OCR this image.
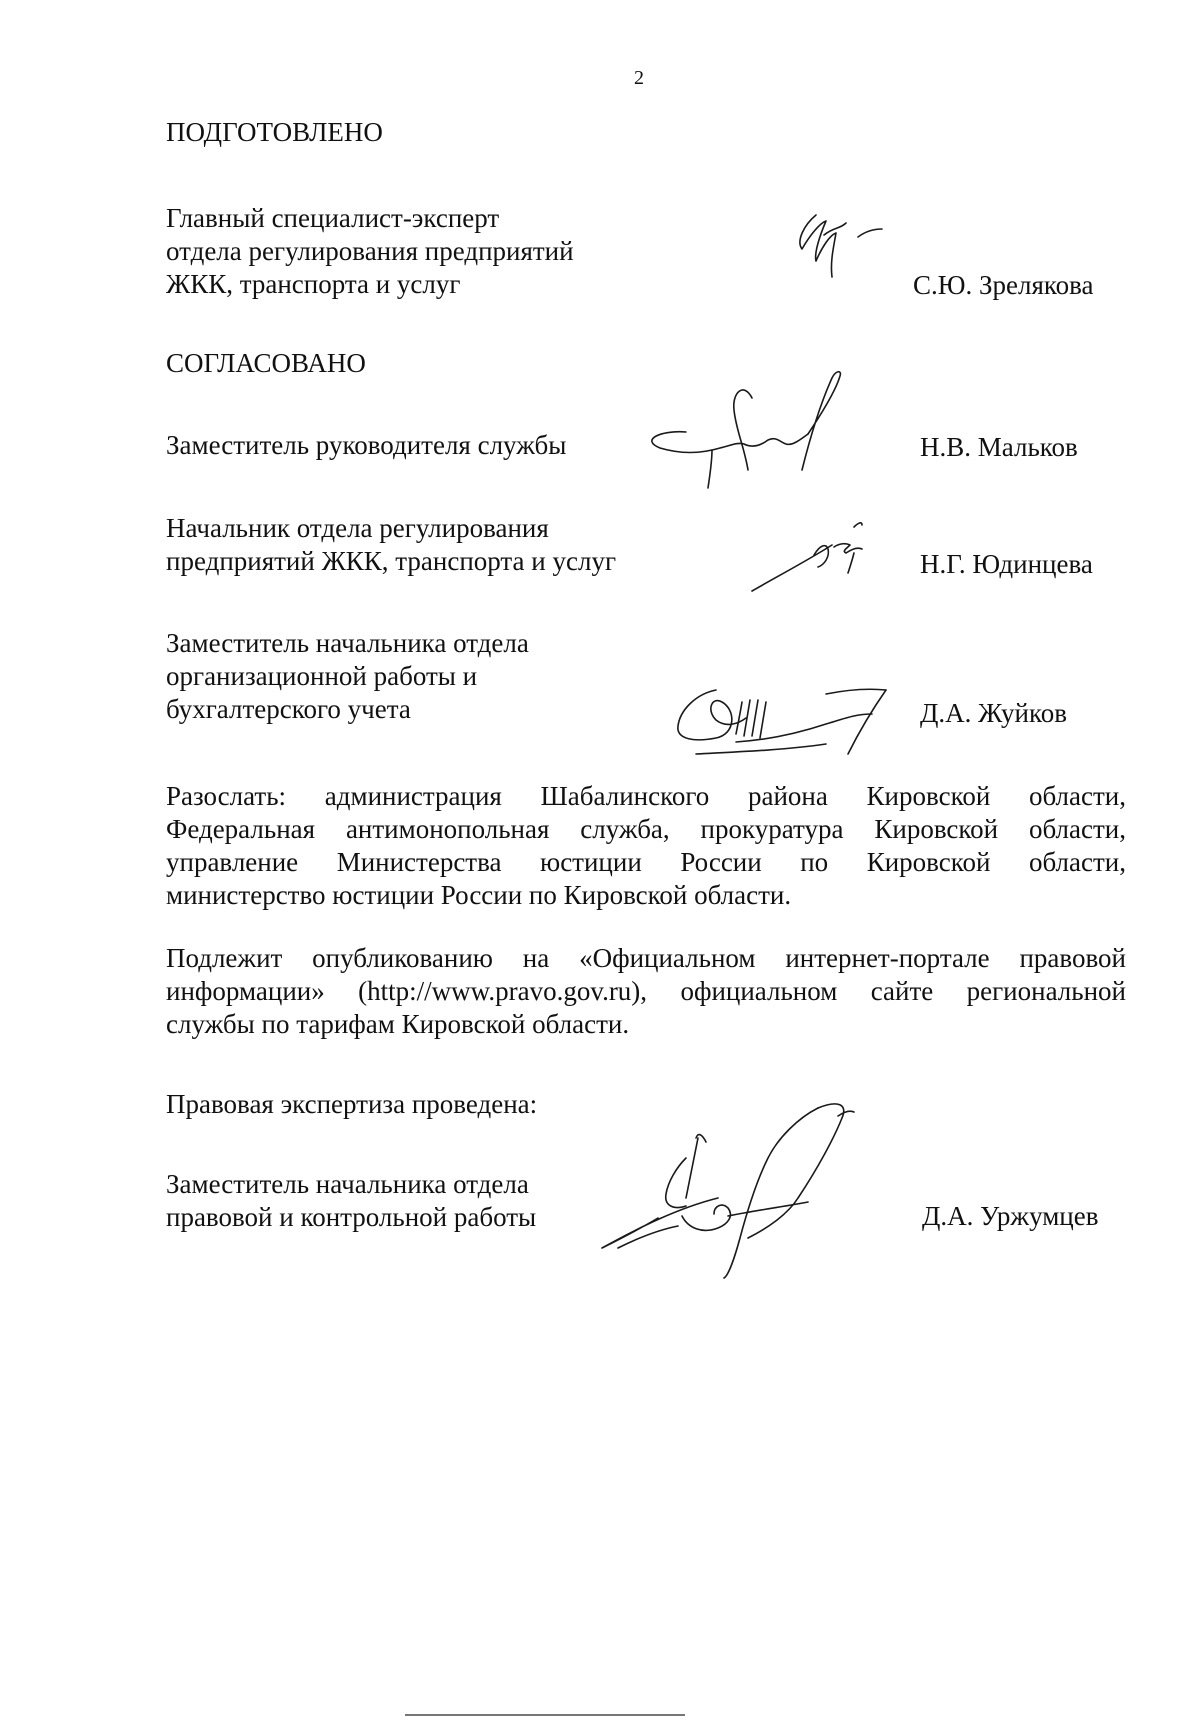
2
ПОДГОТОВЛЕНО
Главный специалист-эксперт
отдела регулирования предприятий
ЖКК, транспорта и услуг	С.Ю. Зрелякова
СОГЛАСОВАНО
Заместитель руководителя службы	Н.В. Мальков
Начальник отдела регулирования
предприятий ЖКК, транспорта и услуг	Н.Г. Юдинцева
Заместитель начальника отдела
организационной работы и
бухгалтерского учета	Д.А. Жуйков
Разослать: администрация Шабалинского района Кировской области,
Федеральная антимонопольная служба, прокуратура Кировской области,
управление Министерства юстиции России по Кировской области,
министерство юстиции России по Кировской области.
Подлежит опубликованию на «Официальном интернет-портале правовой
информации» (http://www.pravo.gov.ru), официальном сайте региональной
службы по тарифам Кировской области.
Правовая экспертиза проведена:
Заместитель начальника отдела
правовой и контрольной работы	Д.А. Уржумцев
